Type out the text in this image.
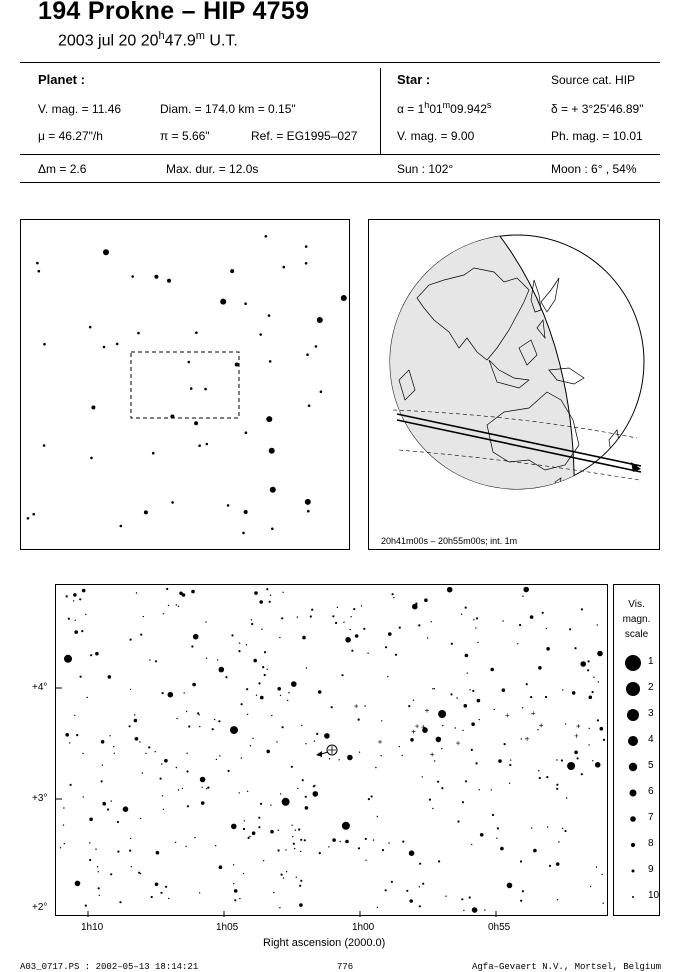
194 Prokne – HIP 4759
2003 jul 20 20$^h$47.9$^m$ U.T.
Planet :
V. mag. = 11.46	Diam. = 174.0 km = 0.15"
μ = 46.27"/h	π = 5.66"	Ref. = EG1995–027
Star :	Source cat. HIP
$\alpha = 1^h01^m09.942^s$	δ = + 3°25’46.89"
V. mag. = 9.00	Ph. mag. = 10.01
Δm = 2.6	Max. dur. = 12.0s	Sun : 102°	Moon : 6° , 54%
20h41m00s – 20h55m00s; int. 1m
+4°
+3°
+2°
1h10	1h05	1h00	0h55
Right ascension (2000.0)
Vis.
magn.
scale
1
2
3
4
5
6
7
8
9
10
A03_0717.PS : 2002–05–13 18:14:21	776	Agfa–Gevaert N.V., Mortsel, Belgium
